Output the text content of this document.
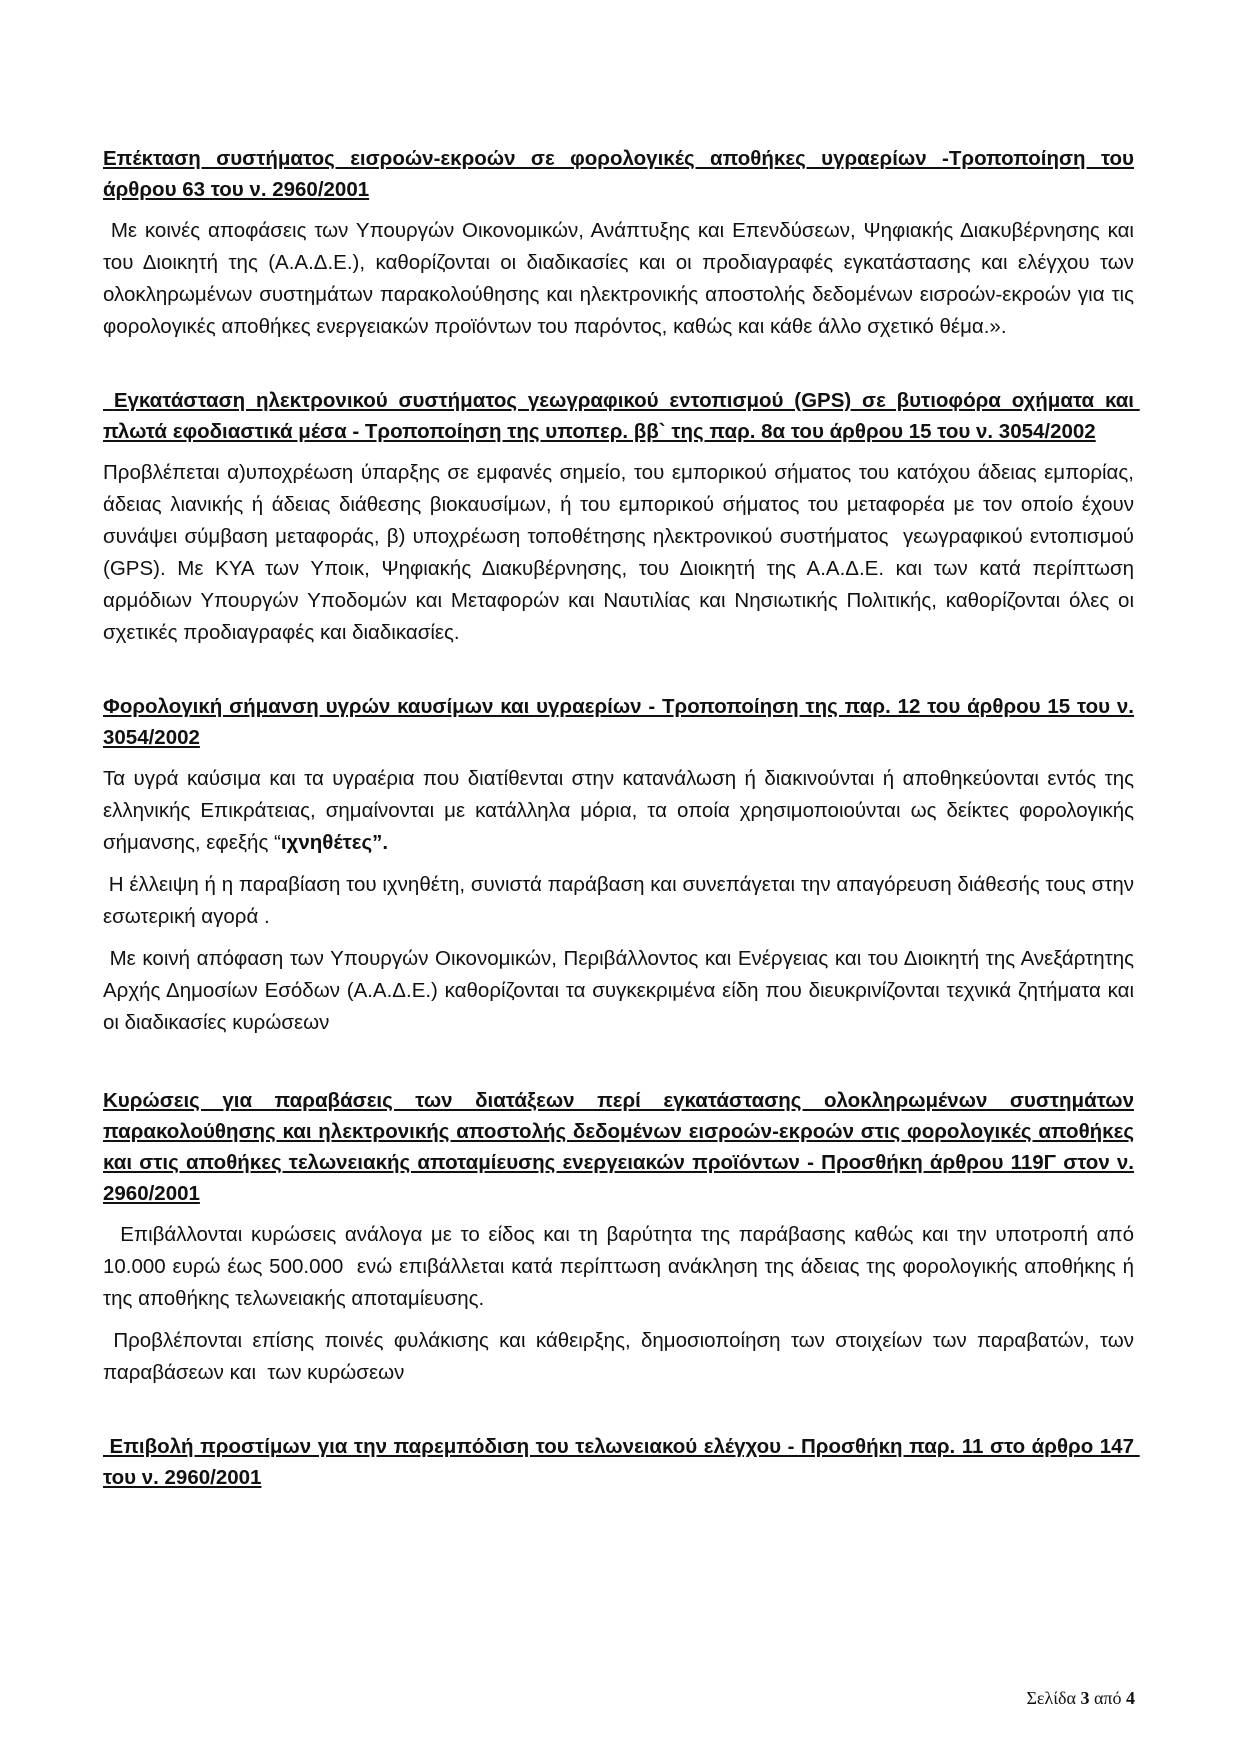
Επέκταση συστήματος εισροών-εκροών σε φορολογικές αποθήκες υγραερίων -Τροποποίηση του άρθρου 63 του ν. 2960/2001

Με κοινές αποφάσεις των Υπουργών Οικονομικών, Ανάπτυξης και Επενδύσεων, Ψηφιακής Διακυβέρνησης και του Διοικητή της (Α.Α.Δ.Ε.), καθορίζονται οι διαδικασίες και οι προδιαγραφές εγκατάστασης και ελέγχου των ολοκληρωμένων συστημάτων παρακολούθησης και ηλεκτρονικής αποστολής δεδομένων εισροών-εκροών για τις φορολογικές αποθήκες ενεργειακών προϊόντων του παρόντος, καθώς και κάθε άλλο σχετικό θέμα.».

Εγκατάσταση ηλεκτρονικού συστήματος γεωγραφικού εντοπισμού (GPS) σε βυτιοφόρα οχήματα και πλωτά εφοδιαστικά μέσα - Τροποποίηση της υποπερ. ββ` της παρ. 8α του άρθρου 15 του ν. 3054/2002

Προβλέπεται α)υποχρέωση ύπαρξης σε εμφανές σημείο, του εμπορικού σήματος του κατόχου άδειας εμπορίας, άδειας λιανικής ή άδειας διάθεσης βιοκαυσίμων, ή του εμπορικού σήματος του μεταφορέα με τον οποίο έχουν συνάψει σύμβαση μεταφοράς, β) υποχρέωση τοποθέτησης ηλεκτρονικού συστήματος  γεωγραφικού εντοπισμού (GPS). Με ΚΥΑ των Υποικ, Ψηφιακής Διακυβέρνησης, του Διοικητή της Α.Α.Δ.Ε. και των κατά περίπτωση αρμόδιων Υπουργών Υποδομών και Μεταφορών και Ναυτιλίας και Νησιωτικής Πολιτικής, καθορίζονται όλες οι σχετικές προδιαγραφές και διαδικασίες.

Φορολογική σήμανση υγρών καυσίμων και υγραερίων - Τροποποίηση της παρ. 12 του άρθρου 15 του ν. 3054/2002

Τα υγρά καύσιμα και τα υγραέρια που διατίθενται στην κατανάλωση ή διακινούνται ή αποθηκεύονται εντός της ελληνικής Επικράτειας, σημαίνονται με κατάλληλα μόρια, τα οποία χρησιμοποιούνται ως δείκτες φορολογικής σήμανσης, εφεξής “ιχνηθέτες”.

Η έλλειψη ή η παραβίαση του ιχνηθέτη, συνιστά παράβαση και συνεπάγεται την απαγόρευση διάθεσής τους στην εσωτερική αγορά .

Με κοινή απόφαση των Υπουργών Οικονομικών, Περιβάλλοντος και Ενέργειας και του Διοικητή της Ανεξάρτητης Αρχής Δημοσίων Εσόδων (Α.Α.Δ.Ε.) καθορίζονται τα συγκεκριμένα είδη που διευκρινίζονται τεχνικά ζητήματα και οι διαδικασίες κυρώσεων

Κυρώσεις για παραβάσεις των διατάξεων περί εγκατάστασης ολοκληρωμένων συστημάτων παρακολούθησης και ηλεκτρονικής αποστολής δεδομένων εισροών-εκροών στις φορολογικές αποθήκες και στις αποθήκες τελωνειακής αποταμίευσης ενεργειακών προϊόντων - Προσθήκη άρθρου 119Γ στον ν. 2960/2001

Επιβάλλονται κυρώσεις ανάλογα με το είδος και τη βαρύτητα της παράβασης καθώς και την υποτροπή από 10.000 ευρώ έως 500.000  ενώ επιβάλλεται κατά περίπτωση ανάκληση της άδειας της φορολογικής αποθήκης ή της αποθήκης τελωνειακής αποταμίευσης.

Προβλέπονται επίσης ποινές φυλάκισης και κάθειρξης, δημοσιοποίηση των στοιχείων των παραβατών, των παραβάσεων και  των κυρώσεων

Επιβολή προστίμων για την παρεμπόδιση του τελωνειακού ελέγχου - Προσθήκη παρ. 11 στο άρθρο 147 του ν. 2960/2001

Σελίδα 3 από 4
